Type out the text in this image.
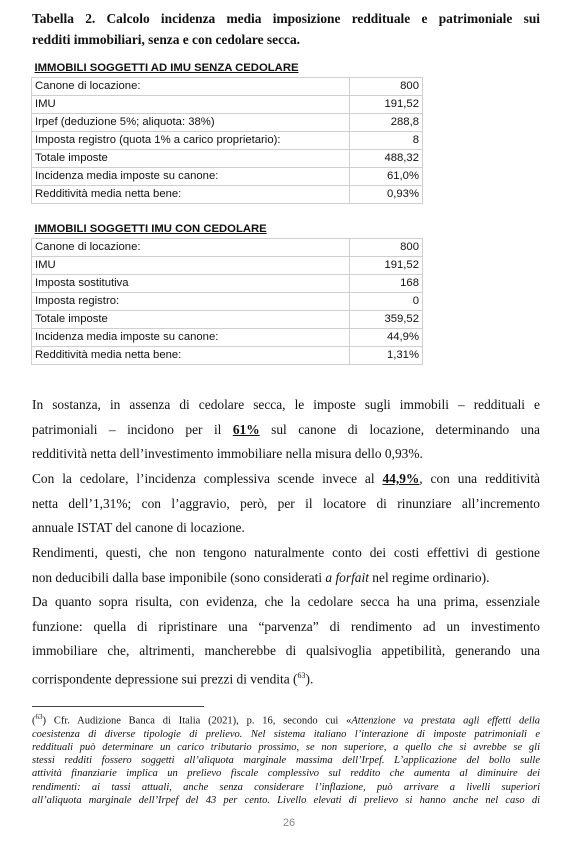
Tabella 2. Calcolo incidenza media imposizione reddituale e patrimoniale sui
redditi immobiliari, senza e con cedolare secca.
IMMOBILI SOGGETTI AD IMU SENZA CEDOLARE	
Canone di locazione:	800
IMU	191,52
Irpef (deduzione 5%; aliquota: 38%)	288,8
Imposta registro (quota 1% a carico proprietario):	8
Totale imposte	488,32
Incidenza media imposte su canone:	61,0%
Redditività media netta bene:	0,93%
IMMOBILI SOGGETTI IMU CON CEDOLARE	
Canone di locazione:	800
IMU	191,52
Imposta sostitutiva	168
Imposta registro:	0
Totale imposte	359,52
Incidenza media imposte su canone:	44,9%
Redditività media netta bene:	1,31%

In sostanza, in assenza di cedolare secca, le imposte sugli immobili – reddituali e
patrimoniali – incidono per il 61% sul canone di locazione, determinando una
redditività netta dell’investimento immobiliare nella misura dello 0,93%.

Con la cedolare, l’incidenza complessiva scende invece al 44,9%, con una redditività
netta dell’1,31%; con l’aggravio, però, per il locatore di rinunziare all’incremento
annuale ISTAT del canone di locazione.

Rendimenti, questi, che non tengono naturalmente conto dei costi effettivi di gestione
non deducibili dalla base imponibile (sono considerati a forfait nel regime ordinario).

Da quanto sopra risulta, con evidenza, che la cedolare secca ha una prima, essenziale
funzione: quella di ripristinare una “parvenza” di rendimento ad un investimento
immobiliare che, altrimenti, mancherebbe di qualsivoglia appetibilità, generando una
corrispondente depressione sui prezzi di vendita ($^{63}$).

($^{63}$) Cfr. Audizione Banca di Italia (2021), p. 16, secondo cui «Attenzione va prestata agli effetti della
coesistenza di diverse tipologie di prelievo. Nel sistema italiano l’interazione di imposte patrimoniali e
reddituali può determinare un carico tributario prossimo, se non superiore, a quello che si avrebbe se gli
stessi redditi fossero soggetti all’aliquota marginale massima dell’Irpef. L’applicazione del bollo sulle
attività finanziarie implica un prelievo fiscale complessivo sul reddito che aumenta al diminuire dei
rendimenti: ai tassi attuali, anche senza considerare l’inflazione, può arrivare a livelli superiori
all’aliquota marginale dell’Irpef del 43 per cento. Livello elevati di prelievo si hanno anche nel caso di
26
